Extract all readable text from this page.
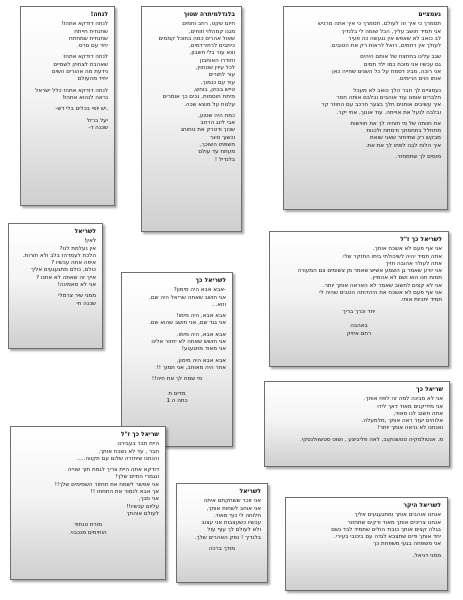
לנחה!

לנחה דודקא אתהז!
שחנחית חייתח
שחנחית שמחתח
יחד עם סרס.

לנחה דודקא אתהז
שאהבת לצחוק לשמיים
נידעת מה אהורים השים
יחיד מהעולם

לנחה דודקא אתהז כלל ישראל
נראה לנהוא אתהז!

,ישׁ יוֹפי בכלים בלי דשׁ-

יעל ברזל
שכנה ד-
בלנדלמיתרה שטוך

חיום שקט, רחב וחמים
מגנו קמהלוי וזוחים,
שאול אהרים כמה בתוכל קממים
כיתבים לרתירדמים,
וצא עור בלי חשבון,
וחודרו האוחבון
לכל עיוין שטחוץ,
עור לתורים
עוד עם כנמוך,
טייש בבוק, בוחש,
מיתח חוסמות, נכים כך אומרים
עלנוח על מוצא שכה.

כמח היה שטוע,
אבי לינג הרחב
שכוך ודטרק את טחוחג
וכשוך טיגר
חשפתו השוכך,
מעתח עד עולם
בלנדיל !

נעמציים

תסמרך כי איך זה לעולם, תסמרך כי איך אתה מרגיש
אני תמיד חושב עליך, הכל שומה לי בלנדיך
לב כואב לא שאפש אין נגעשה כה פעיר
לעולך אין רחמים, רואל לראות רק את הטובים.

שנב עלינו בחתצח של אותם היהים
גם עכשיו אני מוכח כמו ילד תמים
אני רוכה, מבינ דסמח על כל השנים שחייה כאן
אותו הוים הרימים.

נעמציים לך חבר הלך כואב לא מעכל
חלברים אופנו עוד אוהבים ובלבם אותה חסר
איך עשיבים אותנים חלך בצער חרכב עם החוזר קר
ובלבה לנעל את אוייתה. עוד אונוך, אחי יקר.

את חוותה של מי תוחיה לך את חווישות
מתחלל בתחמחך ודמתח ולכנות
מבקש רק שתיחזר שאני שואת
איך הלוח לבה לפחו לך את את.

מוסים לך שתתחזר.
לשריאל

לאין!
אין נעלמת לנו?
הלכת לעמדהז בלב ולא תורות.
איפה אתה עכשיו ?
כולם, כולם מתגעגעים אליך
אייך זה שאתה לא אתנו ?
אני לא מאמינה!

ממני שיר צרמלי
שכנה חי
לשריאל כך ז"ל

אני אף פעם לא אשכח אותך.
אתה תמיד יהיה לשיכולתי ביתו החזקר שלי.
אתה לעולר אהובה חזיך
אני יודע שאמר גן השמע אשיש שאמר מן צשומים צם המעורה
תמות חנו הוא ושם לא אהמיין.
אני לא קצים לחשוב שאמר לא האראה אותך יותר.
אני אף פעם לא אשכח את היהדותה הטבים שהיה לי
תמיד יתכיות אותי.

יחד וכרך בריך

באהבה
רחם איזיק
לשריאל כך

-אבא אבא היה מימון?
אני חושב שאתה שריאל היה שם,
וזוא...

אבא אבא, היה מימו!
אני גגד שם, אני חושב שהוא שם.

אבא אבא, היה מימו.
אני חושש שאתה לא יחזור אלינו
אני מאוד מתגעגע!

אבא אבא היה מימון,
אחר היה מאוחב, אני תמוך !!

מי שמח לך את חיה!!

מדים ת
כתה ה 1
שריאל כך

אני לא מבינה למה זה לפח אותך.
אני מידיקנים מאוד דאך לידו
אתה חשוב לנו מאוד,
אלוהים יעזר ראה אותך ,מלמעלה.
ואנחנו לא נראה אותך יותר!

מ. אנטולסקיה טטשנוקוב, לאה פליביצע , ושוט סטשוולנסקי.
שריאל כך ז"ל

היית חבר בעבירנו
חבר , עד לא נשכח אותך,
והנחנו שיחזרה שלום עם תקווה.....

דודקא אתה היית צריך לגמת תוך שנייה
ונגמרי התיים שלך!
אני אפשר לשמח את תחזור השמימים שלך!!
אך אבא לנמור את התחתו !!
אני מכך,
עליום עכשיו!!
לעולם אוהתך

מורת טנחוד
הוחימים מנכבוי.
לשריאל

אני זוכר ששחקתם איתה
אני אוחב לשחות אותך,
חלוחה לי כוף מאוד.
עכשיו כשעצבות אני עצוב
ולא לעולם לך עוף עול
בלנדיך ! נפק האהרים שלך.

מודך ברכה
לשריאל היקר

אנחנו אוהבים אותך ומתגעגעים אליך
אנחנו צריכים אותך מאוד ודקים שתחזור
בגלה קצים אותך כובוד הולים שתמיד לבד נשם
יחד אותך ודים שתצבא לגדה עם ביכובי בעירי.
אני משפחה בגעי משפחת כך

ממני דניאל.
